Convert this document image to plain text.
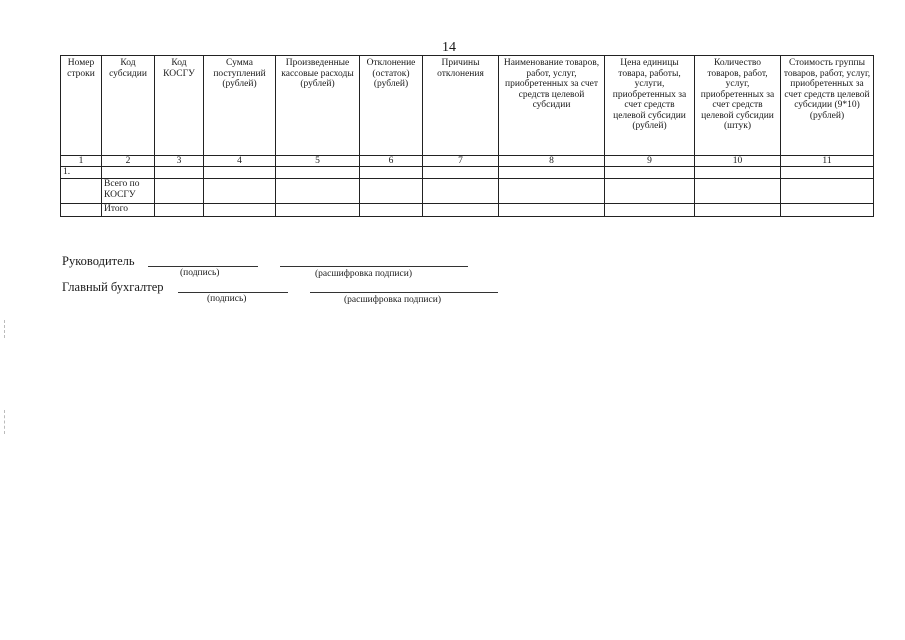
14
Номер строки	Код субсидии	Код КОСГУ	Сумма поступлений (рублей)	Произведенные кассовые расходы (рублей)	Отклонение (остаток) (рублей)	Причины отклонения	Наименование товаров, работ, услуг, приобретенных за счет средств целевой субсидии	Цена единицы товара, работы, услуги, приобретенных за счет средств целевой субсидии (рублей)	Количество товаров, работ, услуг, приобретенных за счет средств целевой субсидии (штук)	Стоимость группы товаров, работ, услуг, приобретенных за счет средств целевой субсидии (9*10) (рублей)
1	2	3	4	5	6	7	8	9	10	11
1.										
	Всего по КОСГУ									
	Итого									
Руководитель
(подпись)	(расшифровка подписи)
Главный бухгалтер
(подпись)	(расшифровка подписи)
